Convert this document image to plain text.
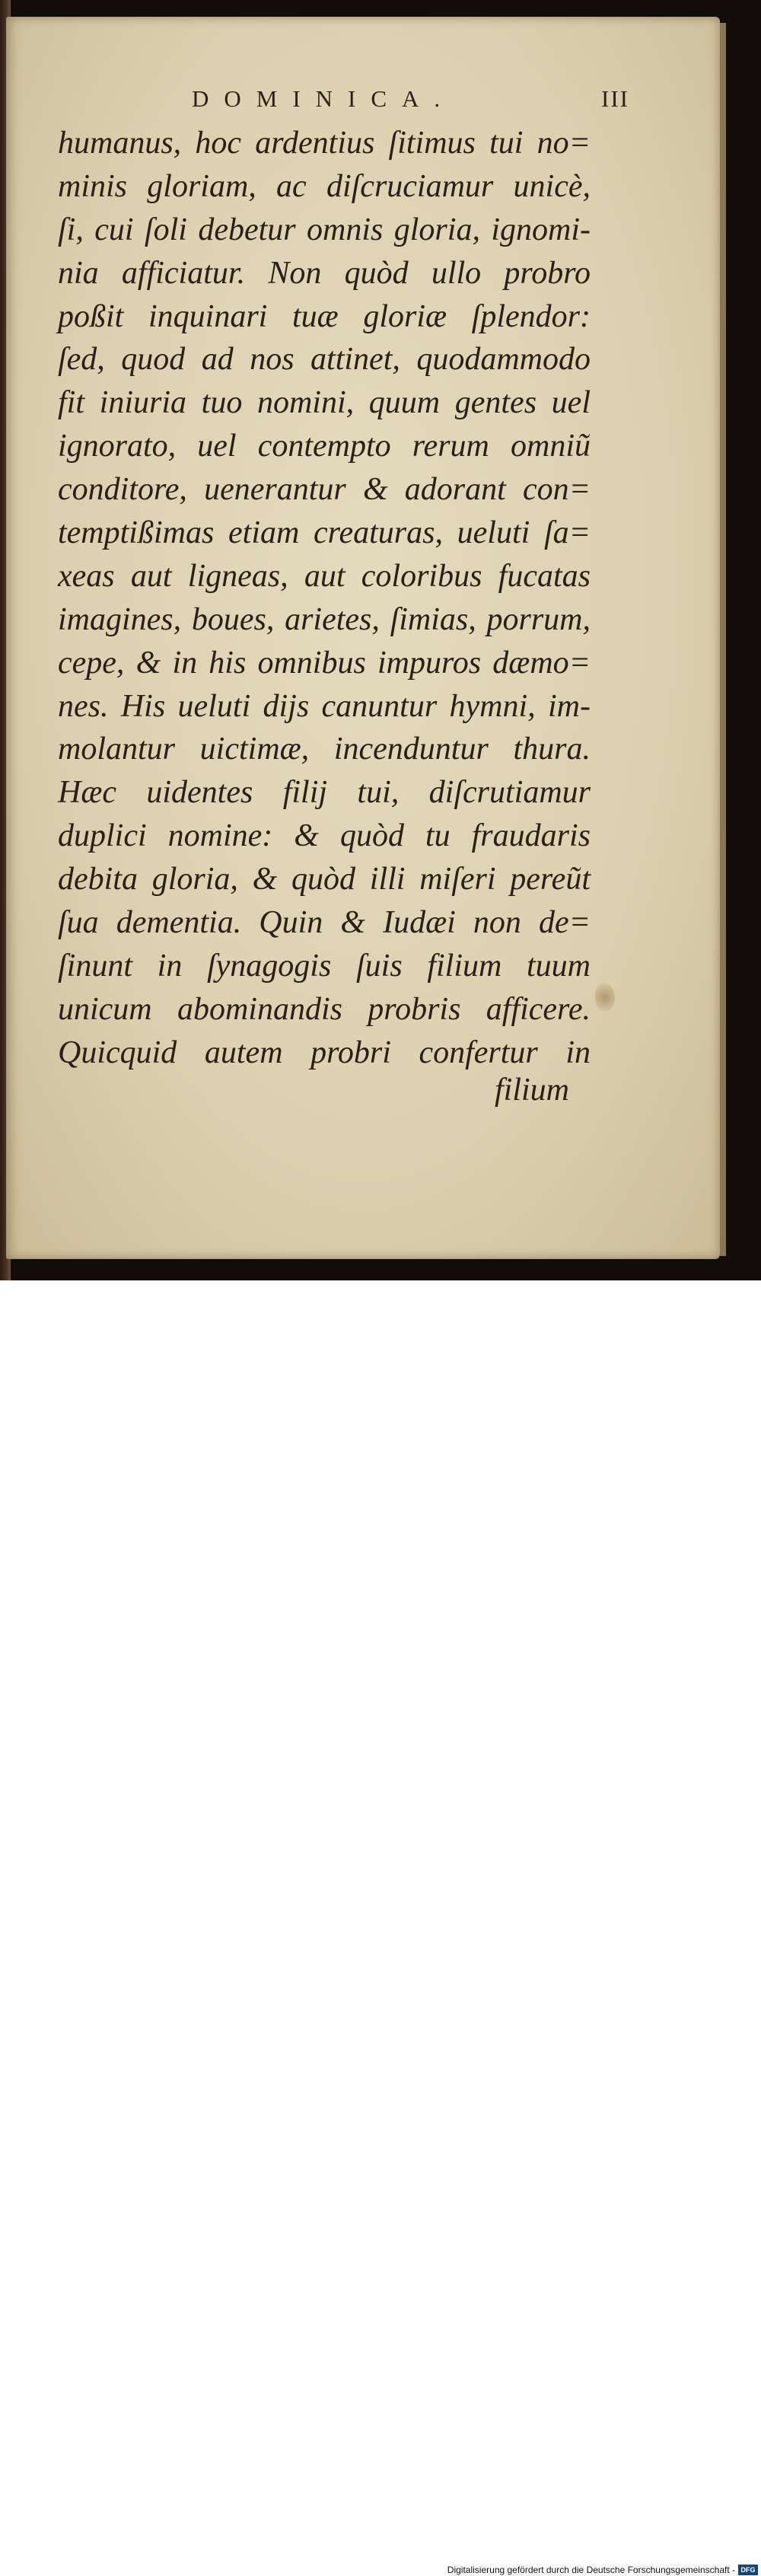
DOMINICA.	III

humanus, hoc ardentius ſitimus tui no=
minis gloriam, ac diſcruciamur unicè,
ſi, cui ſoli debetur omnis gloria, ignomi-
nia afficiatur. Non quòd ullo probro
poßit inquinari tuæ gloriæ ſplendor:
ſed, quod ad nos attinet, quodammodo
fit iniuria tuo nomini, quum gentes uel
ignorato, uel contempto rerum omniũ
conditore, uenerantur & adorant con=
temptißimas etiam creaturas, ueluti ſa=
xeas aut ligneas, aut coloribus fucatas
imagines, boues, arietes, ſimias, porrum,
cepe, & in his omnibus impuros dæmo=
nes. His ueluti dijs canuntur hymni, im-
molantur uictimæ, incenduntur thura.
Hæc uidentes filij tui, diſcrutiamur
duplici nomine: & quòd tu fraudaris
debita gloria, & quòd illi miſeri pereũt
ſua dementia. Quin & Iudæi non de=
ſinunt in ſynagogis ſuis filium tuum
unicum abominandis probris afficere.
Quicquid autem probri confertur in

filium

Digitalisierung gefördert durch die Deutsche Forschungsgemeinschaft - DFG
